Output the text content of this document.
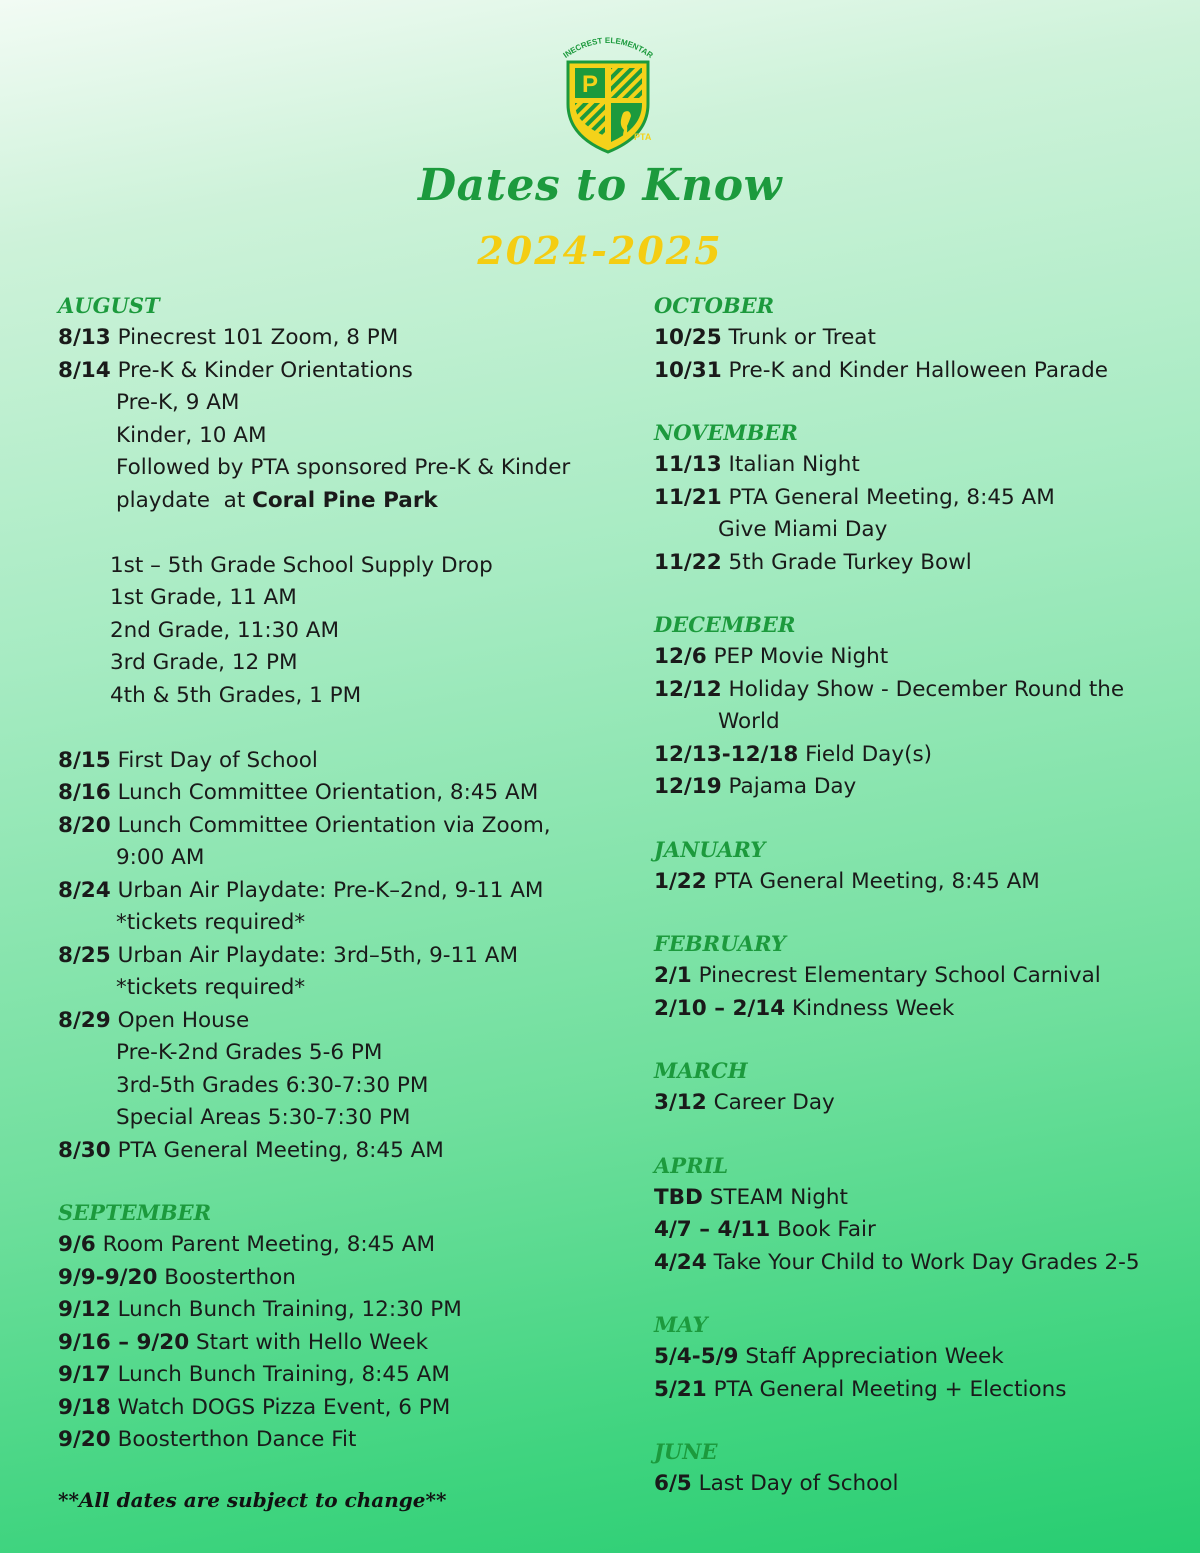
INECREST ELEMENTAR
P
PTA
Dates to Know
2024-2025
AUGUST
8/13 Pinecrest 101 Zoom, 8 PM
8/14 Pre-K & Kinder Orientations
Pre-K, 9 AM
Kinder, 10 AM
Followed by PTA sponsored Pre-K & Kinder
playdate  at Coral Pine Park
1st – 5th Grade School Supply Drop
1st Grade, 11 AM
2nd Grade, 11:30 AM
3rd Grade, 12 PM
4th & 5th Grades, 1 PM
8/15 First Day of School
8/16 Lunch Committee Orientation, 8:45 AM
8/20 Lunch Committee Orientation via Zoom,
9:00 AM
8/24 Urban Air Playdate: Pre-K–2nd, 9-11 AM
*tickets required*
8/25 Urban Air Playdate: 3rd–5th, 9-11 AM
*tickets required*
8/29 Open House
Pre-K-2nd Grades 5-6 PM
3rd-5th Grades 6:30-7:30 PM
Special Areas 5:30-7:30 PM
8/30 PTA General Meeting, 8:45 AM
SEPTEMBER
9/6 Room Parent Meeting, 8:45 AM
9/9-9/20 Boosterthon
9/12 Lunch Bunch Training, 12:30 PM
9/16 – 9/20 Start with Hello Week
9/17 Lunch Bunch Training, 8:45 AM
9/18 Watch DOGS Pizza Event, 6 PM
9/20 Boosterthon Dance Fit
**All dates are subject to change**
OCTOBER
10/25 Trunk or Treat
10/31 Pre-K and Kinder Halloween Parade
NOVEMBER
11/13 Italian Night
11/21 PTA General Meeting, 8:45 AM
Give Miami Day
11/22 5th Grade Turkey Bowl
DECEMBER
12/6 PEP Movie Night
12/12 Holiday Show - December Round the
World
12/13-12/18 Field Day(s)
12/19 Pajama Day
JANUARY
1/22 PTA General Meeting, 8:45 AM
FEBRUARY
2/1 Pinecrest Elementary School Carnival
2/10 – 2/14 Kindness Week
MARCH
3/12 Career Day
APRIL
TBD STEAM Night
4/7 – 4/11 Book Fair
4/24 Take Your Child to Work Day Grades 2-5
MAY
5/4-5/9 Staff Appreciation Week
5/21 PTA General Meeting + Elections
JUNE
6/5 Last Day of School
